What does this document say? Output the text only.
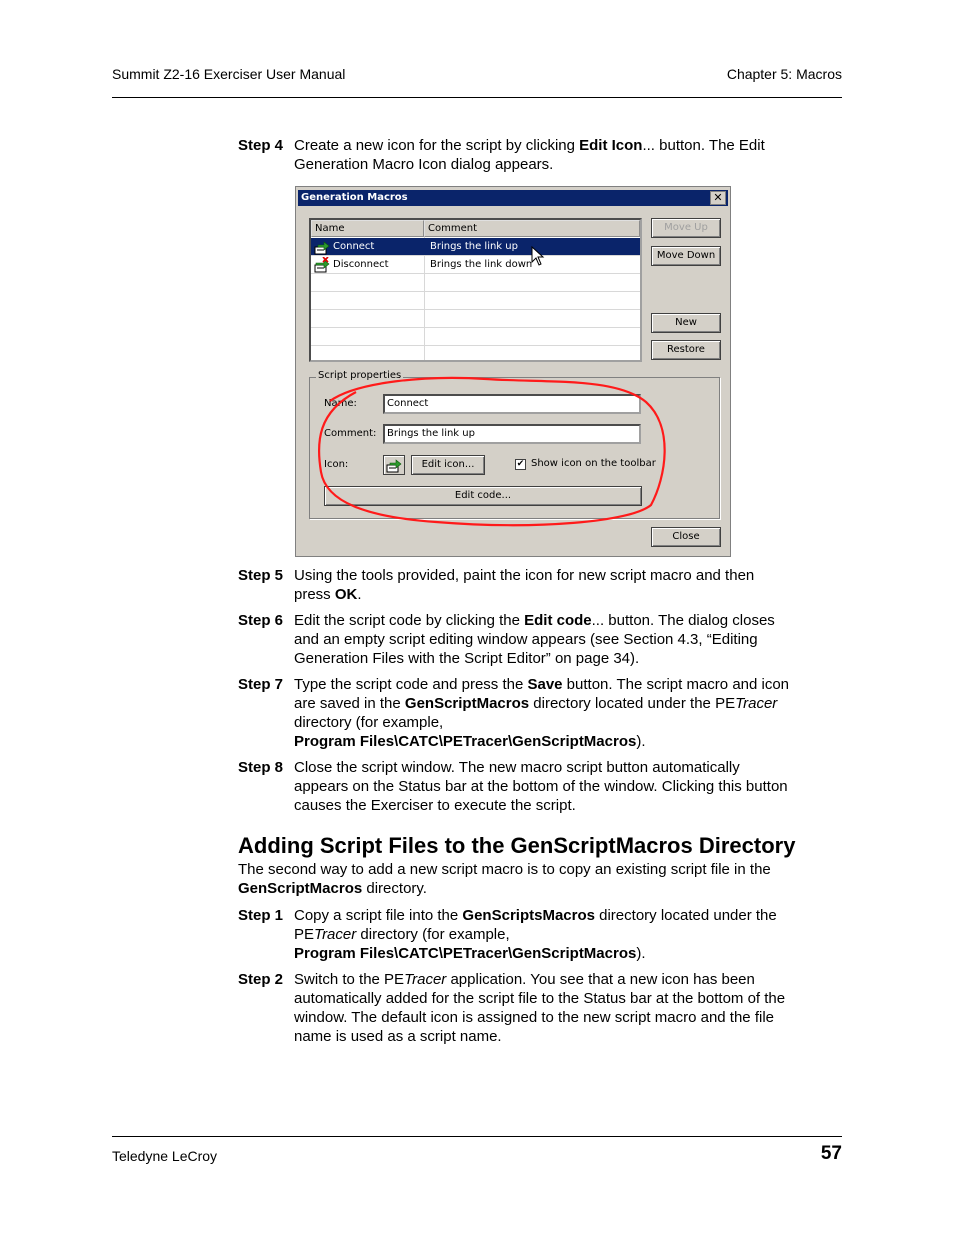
Summit Z2-16 Exerciser User Manual	Chapter 5: Macros
Step 4 Create a new icon for the script by clicking Edit Icon... button. The Edit Generation Macro Icon dialog appears.
Generation Macros	✕
Name	Comment
Connect	Brings the link up
Disconnect	Brings the link down
Move Up
Move Down
New
Restore
Script properties
Name:	Connect
Comment:	Brings the link up
Icon:	Edit icon...	✔ Show icon on the toolbar
Edit code...
Close
Step 5 Using the tools provided, paint the icon for new script macro and then press OK.
Step 6 Edit the script code by clicking the Edit code... button. The dialog closes and an empty script editing window appears (see Section 4.3, “Editing Generation Files with the Script Editor” on page 34).
Step 7 Type the script code and press the Save button. The script macro and icon are saved in the GenScriptMacros directory located under the PETracer directory (for example,
Program Files\CATC\PETracer\GenScriptMacros).
Step 8 Close the script window. The new macro script button automatically appears on the Status bar at the bottom of the window. Clicking this button causes the Exerciser to execute the script.
Adding Script Files to the GenScriptMacros Directory
The second way to add a new script macro is to copy an existing script file in the GenScriptMacros directory.
Step 1 Copy a script file into the GenScriptsMacros directory located under the PETracer directory (for example,
Program Files\CATC\PETracer\GenScriptMacros).
Step 2 Switch to the PETracer application. You see that a new icon has been automatically added for the script file to the Status bar at the bottom of the window. The default icon is assigned to the new script macro and the file name is used as a script name.
Teledyne LeCroy	57
